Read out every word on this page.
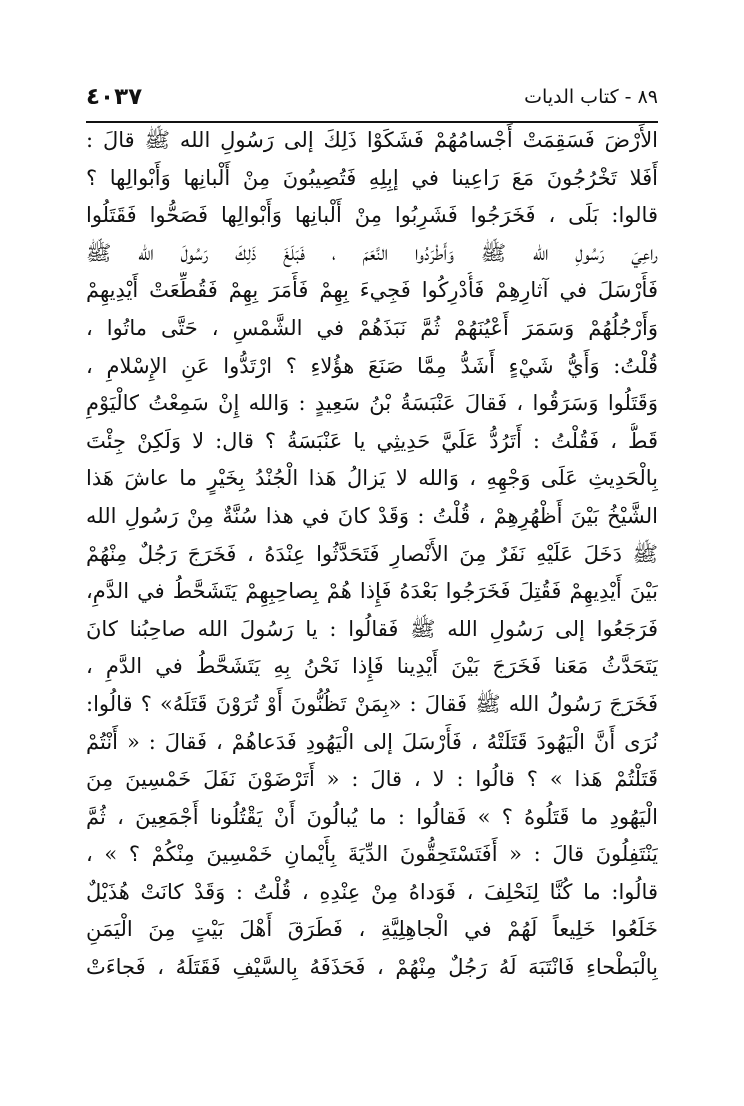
٨٩ - كتاب الديات
٤٠٣٧
الأَرْضَ فَسَقِمَتْ أَجْسامُهُمْ فَشَكَوْا ذَلِكَ إلى رَسُولِ الله ﷺ قالَ :
أَفَلا تَخْرُجُونَ مَعَ رَاعِينا في إبِلِهِ فَتُصِيبُونَ مِنْ أَلْبانِها وَأَبْوالِها ؟
قالوا: بَلَى ، فَخَرَجُوا فَشَرِبُوا مِنْ أَلْبانِها وَأَبْوالِها فَصَحُّوا فَقَتَلُوا
راعِيَ رَسُولِ الله ﷺ وَأَطْرَدُوا النَّعَمَ ، فَبَلَغَ ذَلِكَ رَسُولَ الله ﷺ
فَأَرْسَلَ في آثارِهِمْ فَأُدْرِكُوا فَجِيءَ بِهِمْ فَأَمَرَ بِهِمْ فَقُطِّعَتْ أَيْدِيهِمْ
وَأَرْجُلُهُمْ وَسَمَرَ أَعْيُنَهُمْ ثُمَّ نَبَذَهُمْ في الشَّمْسِ ، حَتَّى ماتُوا ،
قُلْتُ: وَأَيُّ شَيْءٍ أَشَدُّ مِمَّا صَنَعَ هؤُلاءِ ؟ ارْتَدُّوا عَنِ الإِسْلامِ ،
وَقَتَلُوا وَسَرَقُوا ، فَقالَ عَنْبَسَةُ بْنُ سَعِيدٍ : وَالله إِنْ سَمِعْتُ كالْيَوْمِ
قَطُّ ، فَقُلْتُ : أَتَرُدُّ عَلَيَّ حَدِيثِي يا عَنْبَسَةُ ؟ قال: لا وَلَكِنْ جِئْتَ
بِالْحَدِيثِ عَلَى وَجْهِهِ ، وَالله لا يَزالُ هَذا الْجُنْدُ بِخَيْرٍ ما عاشَ هَذا
الشَّيْخُ بَيْنَ أَظْهُرِهِمْ ، قُلْتُ : وَقَدْ كانَ في هذا سُنَّةٌ مِنْ رَسُولِ الله
ﷺ دَخَلَ عَلَيْهِ نَفَرٌ مِنَ الأَنْصارِ فَتَحَدَّثُوا عِنْدَهُ ، فَخَرَجَ رَجُلٌ مِنْهُمْ
بَيْنَ أَيْدِيهِمْ فَقُتِلَ فَخَرَجُوا بَعْدَهُ فَإِذا هُمْ بِصاحِبِهِمْ يَتَشَحَّطُ في الدَّمِ،
فَرَجَعُوا إلى رَسُولِ الله ﷺ فَقالُوا : يا رَسُولَ الله صاحِبُنا كانَ
يَتَحَدَّثُ مَعَنا فَخَرَجَ بَيْنَ أَيْدِينا فَإِذا نَحْنُ بِهِ يَتَشَحَّطُ في الدَّمِ ،
فَخَرَجَ رَسُولُ الله ﷺ فَقالَ : «بِمَنْ تَظُنُّونَ أَوْ تُرَوْنَ قَتَلَهُ» ؟ قالُوا:
نُرَى أَنَّ الْيَهُودَ قَتَلَتْهُ ، فَأَرْسَلَ إلى الْيَهُودِ فَدَعاهُمْ ، فَقالَ : « أَنْتُمْ
قَتَلْتُمْ هَذا » ؟ قالُوا : لا ، قالَ : « أَتَرْضَوْنَ نَفَلَ خَمْسِينَ مِنَ
الْيَهُودِ ما قَتَلُوهُ ؟ » فَقالُوا : ما يُبالُونَ أَنْ يَقْتُلُونا أَجْمَعِينَ ، ثُمَّ
يَنْتَفِلُونَ قالَ : « أَفَتَسْتَحِقُّونَ الدِّيَةَ بِأَيْمانِ خَمْسِينَ مِنْكُمْ ؟ » ،
قالُوا: ما كُنَّا لِنَحْلِفَ ، فَوَداهُ مِنْ عِنْدِهِ ، قُلْتُ : وَقَدْ كانَتْ هُذَيْلٌ
خَلَعُوا خَلِيعاً لَهُمْ في الْجاهِلِيَّةِ ، فَطَرَقَ أَهْلَ بَيْتٍ مِنَ الْيَمَنِ
بِالْبَطْحاءِ فَانْتَبَهَ لَهُ رَجُلٌ مِنْهُمْ ، فَحَذَفَهُ بِالسَّيْفِ فَقَتَلَهُ ، فَجاءَتْ
